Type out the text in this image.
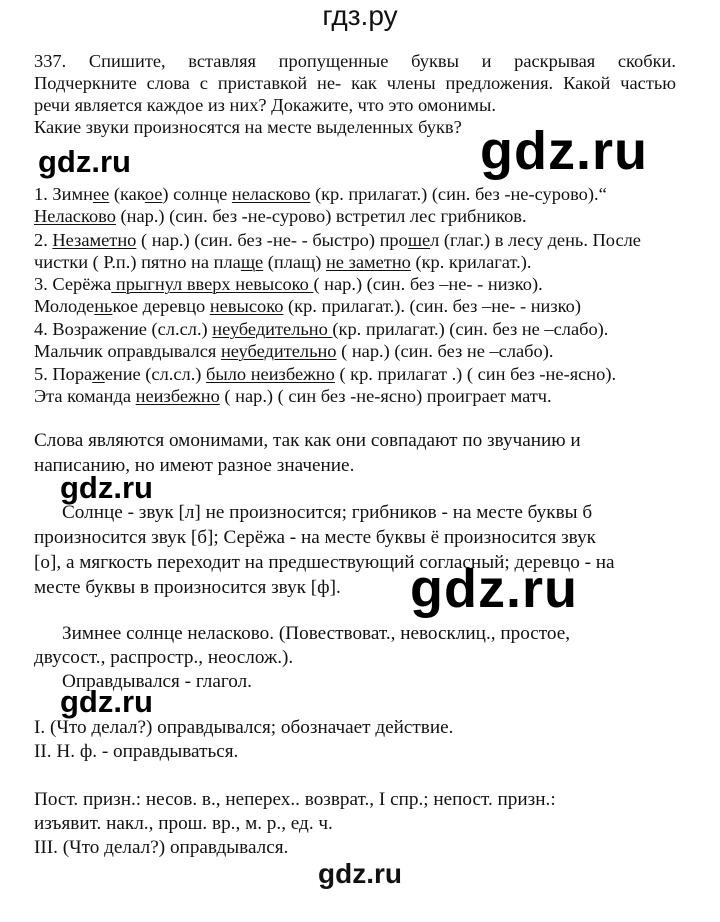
гдз.ру
337. Спишите, вставляя пропущенные буквы и раскрывая скобки.
Подчеркните слова с приставкой не- как члены предложения. Какой частью
речи является каждое из них? Докажите, что это омонимы.
Какие звуки произносятся на месте выделенных букв?
gdz.ru	gdz.ru
1. Зимнее (какое) солнце неласково (кр. прилагат.) (син. без -не-сурово).“
Неласково (нар.) (син. без -не-сурово) встретил лес грибников.
2. Незаметно ( нар.) (син. без -не- - быстро) прошел (глаг.) в лесу день. После
чистки ( Р.п.) пятно на плаще (плащ) не заметно (кр. крилагат.).
3. Серёжа прыгнул вверх невысоко ( нар.) (син. без –не- - низко).
Молоденькое деревцо невысоко (кр. прилагат.). (син. без –не- - низко)
4. Возражение (сл.сл.) неубедительно (кр. прилагат.) (син. без не –слабо).
Мальчик оправдывался неубедительно ( нар.) (син. без не –слабо).
5. Поражение (сл.сл.) было неизбежно ( кр. прилагат .) ( син без -не-ясно).
Эта команда неизбежно ( нар.) ( син без -не-ясно) проиграет матч.
Слова являются омонимами, так как они совпадают по звучанию и
написанию, но имеют разное значение.
gdz.ru
Солнце - звук [л] не произносится; грибников - на месте буквы б
произносится звук [б]; Серёжа - на месте буквы ё произносится звук
[о], а мягкость переходит на предшествующий согласный; деревцо - на
месте буквы в произносится звук [ф]. gdz.ru
Зимнее солнце неласково. (Повествоват., невосклиц., простое,
двусост., распростр., неослож.).
Оправдывался - глагол.
gdz.ru
I. (Что делал?) оправдывался; обозначает действие.
II. Н. ф. - оправдываться.
Пост. призн.: несов. в., неперех.. возврат., I спр.; непост. призн.:
изъявит. накл., прош. вр., м. р., ед. ч.
III. (Что делал?) оправдывался.
gdz.ru
